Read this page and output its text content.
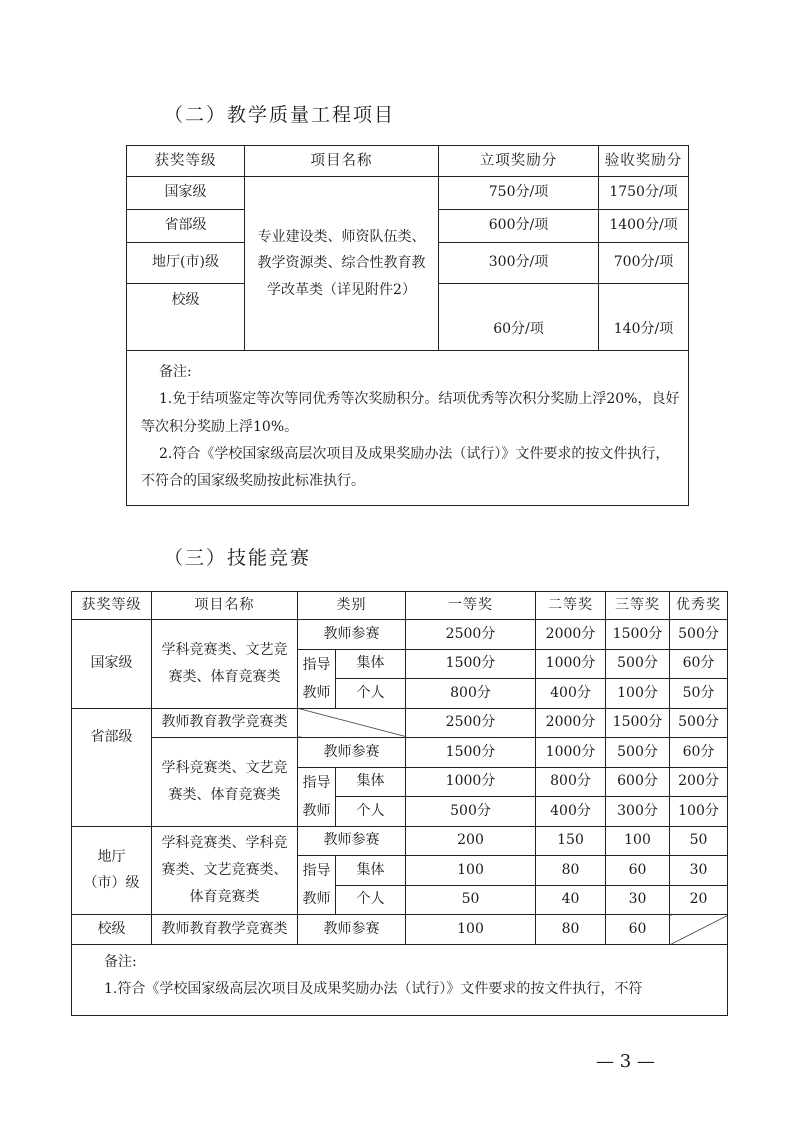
（二）教学质量工程项目
获奖等级	项目名称	立项奖励分	验收奖励分
国家级	专业建设类、师资队伍类、教学资源类、综合性教育教学改革类（详见附件2）	750分/项	1750分/项
省部级		600分/项	1400分/项
地厅(市)级		300分/项	700分/项
校级		60分/项	140分/项

备注:

1.免于结项鉴定等次等同优秀等次奖励积分。结项优秀等次积分奖励上浮20%，良好等次积分奖励上浮10%。

2.符合《学校国家级高层次项目及成果奖励办法（试行）》文件要求的按文件执行，不符合的国家级奖励按此标准执行。			

（三）技能竞赛
获奖等级	项目名称	类别		一等奖	二等奖	三等奖	优秀奖
国家级	学科竞赛类、文艺竞赛类、体育竞赛类	教师参赛		2500分	2000分	1500分	500分
		指导教师	集体	1500分	1000分	500分	60分
			个人	800分	400分	100分	50分
省部级	教师教育教学竞赛类			2500分	2000分	1500分	500分
	学科竞赛类、文艺竞赛类、体育竞赛类	教师参赛		1500分	1000分	500分	60分
		指导教师	集体	1000分	800分	600分	200分
			个人	500分	400分	300分	100分
地厅（市）级	学科竞赛类、学科竞赛类、文艺竞赛类、体育竞赛类	教师参赛		200	150	100	50
		指导教师	集体	100	80	60	30
			个人	50	40	30	20
校级	教师教育教学竞赛类	教师参赛		100	80	60	

备注:

1.符合《学校国家级高层次项目及成果奖励办法（试行）》文件要求的按文件执行，不符							

— 3 —
